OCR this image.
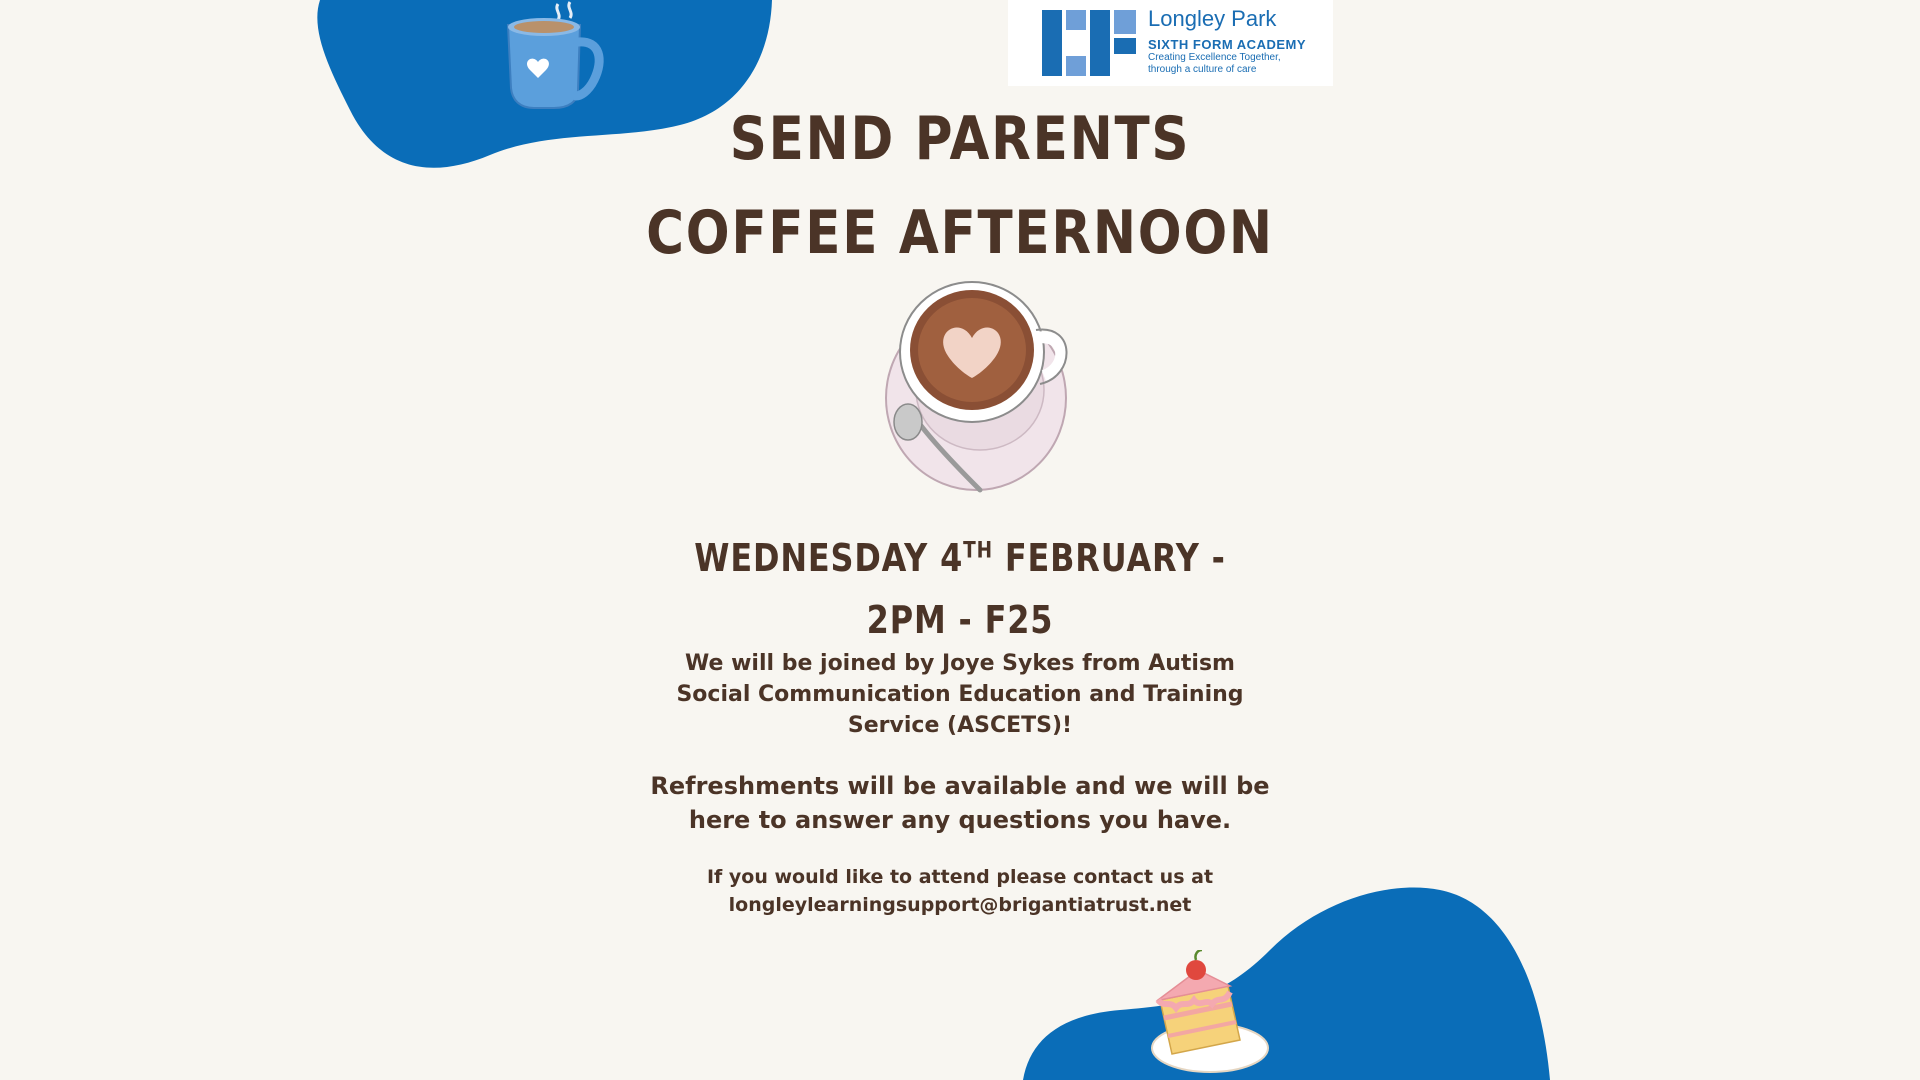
Longley Park
SIXTH FORM ACADEMY
Creating Excellence Together,
through a culture of care
SEND PARENTS
COFFEE AFTERNOON
WEDNESDAY 4TH FEBRUARY -
2PM - F25
We will be joined by Joye Sykes from Autism
Social Communication Education and Training
Service (ASCETS)!
Refreshments will be available and we will be
here to answer any questions you have.
If you would like to attend please contact us at
longleylearningsupport@brigantiatrust.net
